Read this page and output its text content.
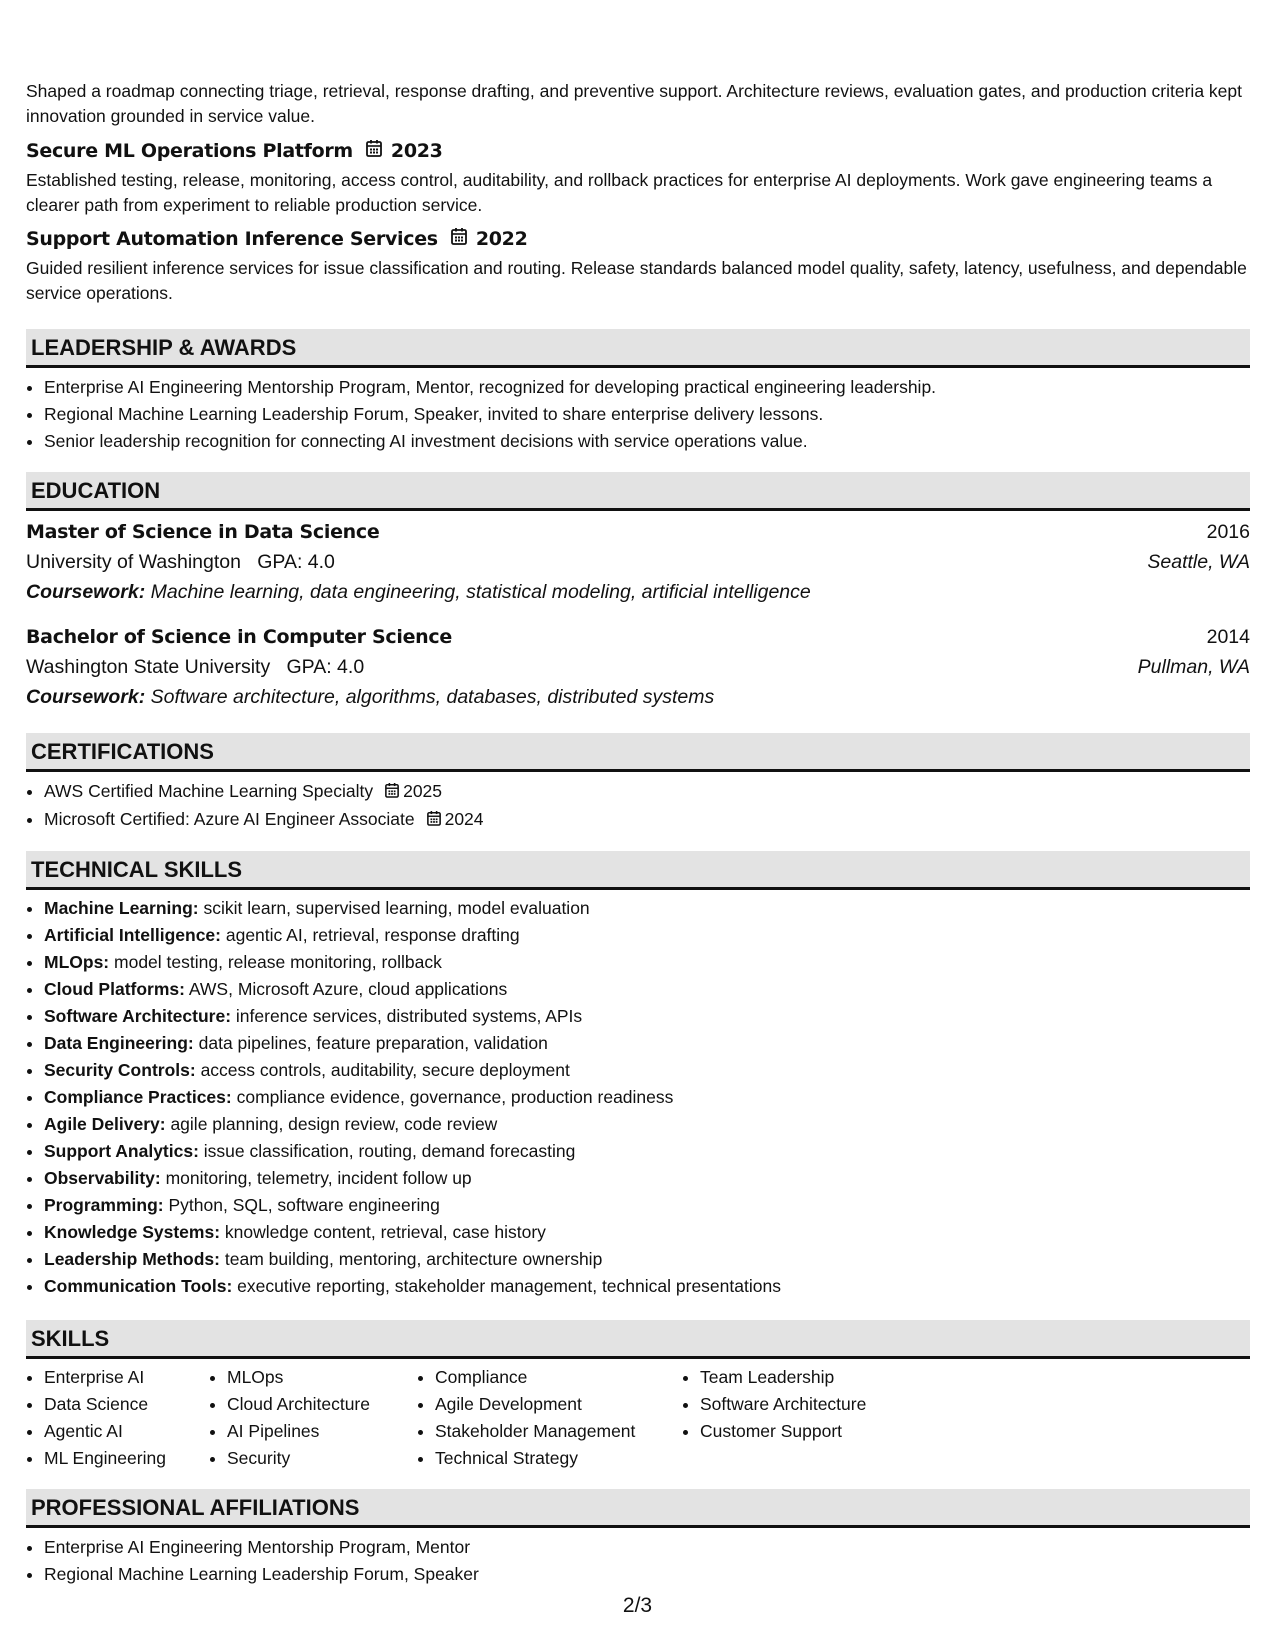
Shaped a roadmap connecting triage, retrieval, response drafting, and preventive support. Architecture reviews, evaluation gates, and production criteria kept innovation grounded in service value.

Secure ML Operations Platform 2023

Established testing, release, monitoring, access control, auditability, and rollback practices for enterprise AI deployments. Work gave engineering teams a clearer path from experiment to reliable production service.

Support Automation Inference Services 2022

Guided resilient inference services for issue classification and routing. Release standards balanced model quality, safety, latency, usefulness, and dependable service operations.

LEADERSHIP & AWARDS
• Enterprise AI Engineering Mentorship Program, Mentor, recognized for developing practical engineering leadership.
• Regional Machine Learning Leadership Forum, Speaker, invited to share enterprise delivery lessons.
• Senior leadership recognition for connecting AI investment decisions with service operations value.
EDUCATION
Master of Science in Data Science	2016
University of Washington GPA: 4.0	Seattle, WA
Coursework: Machine learning, data engineering, statistical modeling, artificial intelligence
Bachelor of Science in Computer Science	2014
Washington State University GPA: 4.0	Pullman, WA
Coursework: Software architecture, algorithms, databases, distributed systems
CERTIFICATIONS
• AWS Certified Machine Learning Specialty 2025
• Microsoft Certified: Azure AI Engineer Associate 2024
TECHNICAL SKILLS
• Machine Learning: scikit learn, supervised learning, model evaluation
• Artificial Intelligence: agentic AI, retrieval, response drafting
• MLOps: model testing, release monitoring, rollback
• Cloud Platforms: AWS, Microsoft Azure, cloud applications
• Software Architecture: inference services, distributed systems, APIs
• Data Engineering: data pipelines, feature preparation, validation
• Security Controls: access controls, auditability, secure deployment
• Compliance Practices: compliance evidence, governance, production readiness
• Agile Delivery: agile planning, design review, code review
• Support Analytics: issue classification, routing, demand forecasting
• Observability: monitoring, telemetry, incident follow up
• Programming: Python, SQL, software engineering
• Knowledge Systems: knowledge content, retrieval, case history
• Leadership Methods: team building, mentoring, architecture ownership
• Communication Tools: executive reporting, stakeholder management, technical presentations
SKILLS
• Enterprise AI
• Data Science
• Agentic AI
• ML Engineering
• MLOps
• Cloud Architecture
• AI Pipelines
• Security
• Compliance
• Agile Development
• Stakeholder Management
• Technical Strategy
• Team Leadership
• Software Architecture
• Customer Support
PROFESSIONAL AFFILIATIONS
• Enterprise AI Engineering Mentorship Program, Mentor
• Regional Machine Learning Leadership Forum, Speaker
2/3
